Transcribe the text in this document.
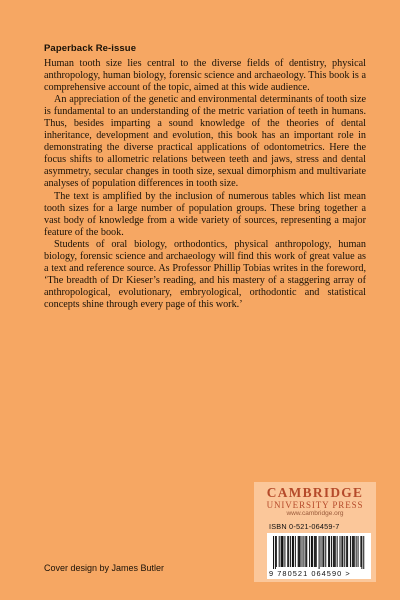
Paperback Re-issue

Human tooth size lies central to the diverse fields of dentistry, physical anthropology, human biology, forensic science and archaeology. This book is a comprehensive account of the topic, aimed at this wide audience.

An appreciation of the genetic and environmental determinants of tooth size is fundamental to an understanding of the metric variation of teeth in humans. Thus, besides imparting a sound knowledge of the theories of dental inheritance, development and evolution, this book has an important role in demonstrating the diverse practical applications of odontometrics. Here the focus shifts to allometric relations between teeth and jaws, stress and dental asymmetry, secular changes in tooth size, sexual dimorphism and multivariate analyses of population differences in tooth size.

The text is amplified by the inclusion of numerous tables which list mean tooth sizes for a large number of population groups. These bring together a vast body of knowledge from a wide variety of sources, representing a major feature of the book.

Students of oral biology, orthodontics, physical anthropology, human biology, forensic science and archaeology will find this work of great value as a text and reference source. As Professor Phillip Tobias writes in the foreword, ‘The breadth of Dr Kieser’s reading, and his mastery of a staggering array of anthropological, evolutionary, embryological, orthodontic and statistical concepts shine through every page of this work.’

CAMBRIDGE
UNIVERSITY PRESS
www.cambridge.org
ISBN 0-521-06459-7
9 780521 064590 >
Cover design by James Butler
